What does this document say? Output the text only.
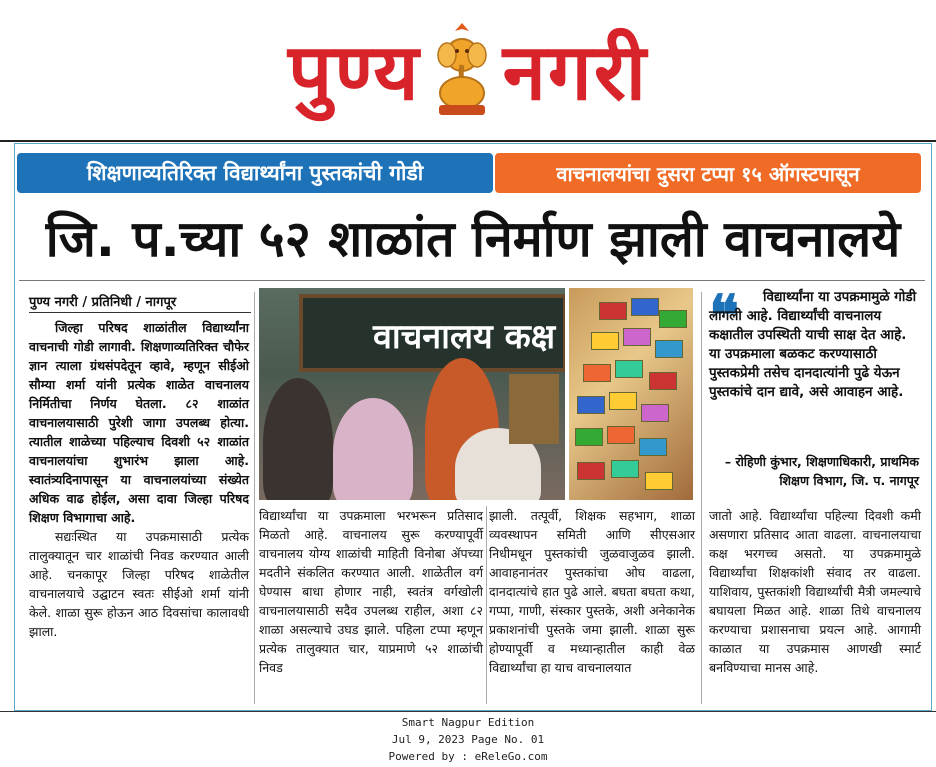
पुण्य नगरी
शिक्षणाव्यतिरिक्त विद्यार्थ्यांना पुस्तकांची गोडी	वाचनालयांचा दुसरा टप्पा १५ ऑगस्टपासून
जि. प.च्या ५२ शाळांत निर्माण झाली वाचनालये
पुण्य नगरी / प्रतिनिधी / नागपूर
वाचनालय कक्ष	❝	विद्यार्थ्यांना या उपक्रमामुळे गोडी लागली आहे. विद्यार्थ्यांची वाचनालय कक्षातील उपस्थिती याची साक्ष देत आहे. या उपक्रमाला बळकट करण्यासाठी पुस्तकप्रेमी तसेच दानदात्यांनी पुढे येऊन पुस्तकांचे दान द्यावे, असे आवाहन आहे.
– रोहिणी कुंभार, शिक्षणाधिकारी, प्राथमिक शिक्षण विभाग, जि. प. नागपूर

जिल्हा परिषद शाळांतील विद्यार्थ्यांना वाचनाची गोडी लागावी. शिक्षणाव्यतिरिक्त चौफेर ज्ञान त्याला ग्रंथसंपदेतून व्हावे, म्हणून सीईओ सौम्या शर्मा यांनी प्रत्येक शाळेत वाचनालय निर्मितीचा निर्णय घेतला. ८२ शाळांत वाचनालयासाठी पुरेशी जागा उपलब्ध होत्या. त्यातील शाळेच्या पहिल्याच दिवशी ५२ शाळांत वाचनालयांचा शुभारंभ झाला आहे. स्वातंत्र्यदिनापासून या वाचनालयांच्या संख्येत अधिक वाढ होईल, असा दावा जिल्हा परिषद शिक्षण विभागाचा आहे.

सद्यःस्थित या उपक्रमासाठी प्रत्येक तालुक्यातून चार शाळांची निवड करण्यात आली आहे. चनकापूर जिल्हा परिषद शाळेतील वाचनालयाचे उद्घाटन स्वतः सीईओ शर्मा यांनी केले. शाळा सुरू होऊन आठ दिवसांचा कालावधी झाला.

विद्यार्थ्यांचा या उपक्रमाला भरभरून प्रतिसाद मिळतो आहे. वाचनालय सुरू करण्यापूर्वी वाचनालय योग्य शाळांची माहिती विनोबा ॲपच्या मदतीने संकलित करण्यात आली. शाळेतील वर्ग घेण्यास बाधा होणार नाही, स्वतंत्र वर्गखोली वाचनालयासाठी सदैव उपलब्ध राहील, अशा ८२ शाळा असल्याचे उघड झाले. पहिला टप्पा म्हणून प्रत्येक तालुक्यात चार, याप्रमाणे ५२ शाळांची निवड

झाली. तत्पूर्वी, शिक्षक सहभाग, शाळा व्यवस्थापन समिती आणि सीएसआर निधीमधून पुस्तकांची जुळवाजुळव झाली. आवाहनानंतर पुस्तकांचा ओघ वाढला, दानदात्यांचे हात पुढे आले. बघता बघता कथा, गप्पा, गाणी, संस्कार पुस्तके, अशी अनेकानेक प्रकाशनांची पुस्तके जमा झाली. शाळा सुरू होण्यापूर्वी व मध्यान्हातील काही वेळ विद्यार्थ्यांचा हा याच वाचनालयात

जातो आहे. विद्यार्थ्यांचा पहिल्या दिवशी कमी असणारा प्रतिसाद आता वाढला. वाचनालयाचा कक्ष भरगच्च असतो. या उपक्रमामुळे विद्यार्थ्यांचा शिक्षकांशी संवाद तर वाढला. याशिवाय, पुस्तकांशी विद्यार्थ्यांची मैत्री जमल्याचे बघायला मिळत आहे. शाळा तिथे वाचनालय करण्याचा प्रशासनाचा प्रयत्न आहे. आगामी काळात या उपक्रमास आणखी स्मार्ट बनविण्याचा मानस आहे.

Smart Nagpur Edition
Jul 9, 2023 Page No. 01
Powered by : eReleGo.com
